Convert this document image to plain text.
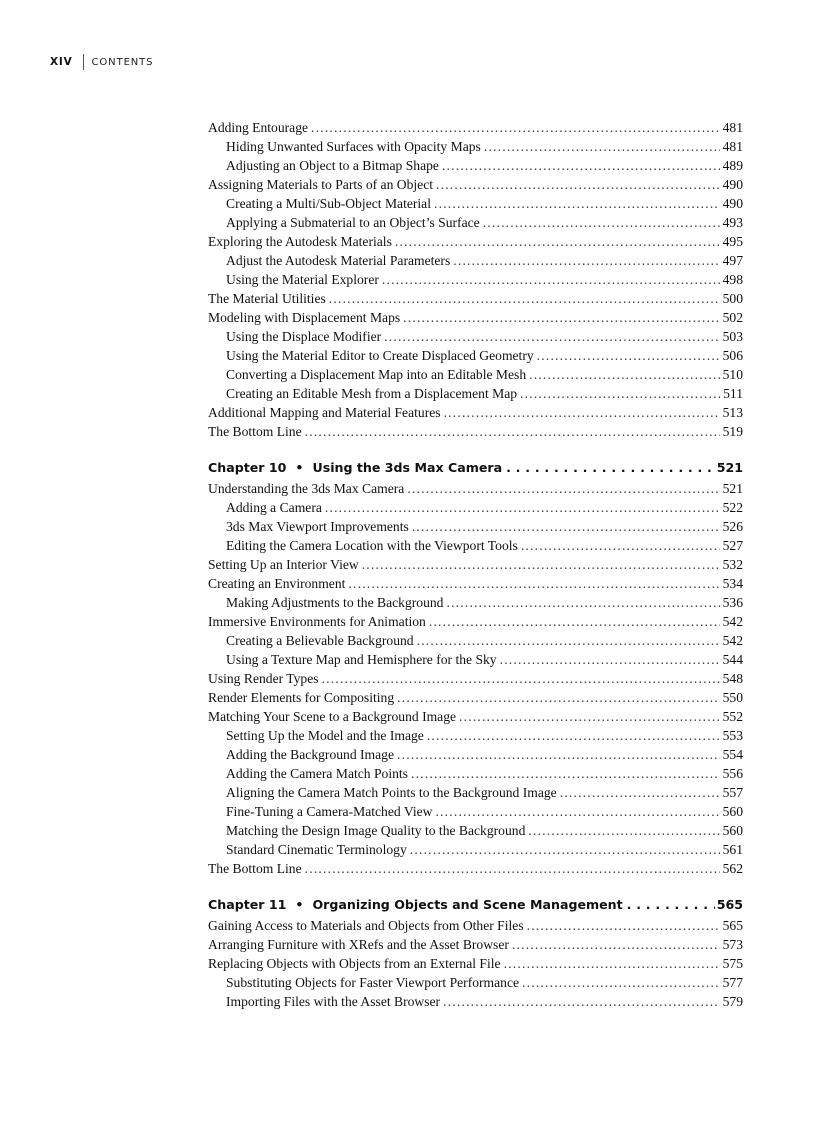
XIV CONTENTS
Adding Entourage . . .	481
Hiding Unwanted Surfaces with Opacity Maps . . .	481
Adjusting an Object to a Bitmap Shape . . .	489
Assigning Materials to Parts of an Object . . .	490
Creating a Multi/Sub-Object Material . . .	490
Applying a Submaterial to an Object’s Surface . . .	493
Exploring the Autodesk Materials . . .	495
Adjust the Autodesk Material Parameters . . .	497
Using the Material Explorer . . .	498
The Material Utilities . . .	500
Modeling with Displacement Maps . . .	502
Using the Displace Modifier . . .	503
Using the Material Editor to Create Displaced Geometry . . .	506
Converting a Displacement Map into an Editable Mesh . . .	510
Creating an Editable Mesh from a Displacement Map . . .	511
Additional Mapping and Material Features . . .	513
The Bottom Line . . .	519
Chapter 10 • Using the 3ds Max Camera . . .	521
Understanding the 3ds Max Camera . . .	521
Adding a Camera . . .	522
3ds Max Viewport Improvements . . .	526
Editing the Camera Location with the Viewport Tools . . .	527
Setting Up an Interior View . . .	532
Creating an Environment . . .	534
Making Adjustments to the Background . . .	536
Immersive Environments for Animation . . .	542
Creating a Believable Background . . .	542
Using a Texture Map and Hemisphere for the Sky . . .	544
Using Render Types . . .	548
Render Elements for Compositing . . .	550
Matching Your Scene to a Background Image . . .	552
Setting Up the Model and the Image . . .	553
Adding the Background Image . . .	554
Adding the Camera Match Points . . .	556
Aligning the Camera Match Points to the Background Image . . .	557
Fine-Tuning a Camera-Matched View . . .	560
Matching the Design Image Quality to the Background . . .	560
Standard Cinematic Terminology . . .	561
The Bottom Line . . .	562
Chapter 11 • Organizing Objects and Scene Management . . .	565
Gaining Access to Materials and Objects from Other Files . . .	565
Arranging Furniture with XRefs and the Asset Browser . . .	573
Replacing Objects with Objects from an External File . . .	575
Substituting Objects for Faster Viewport Performance . . .	577
Importing Files with the Asset Browser . . .	579
